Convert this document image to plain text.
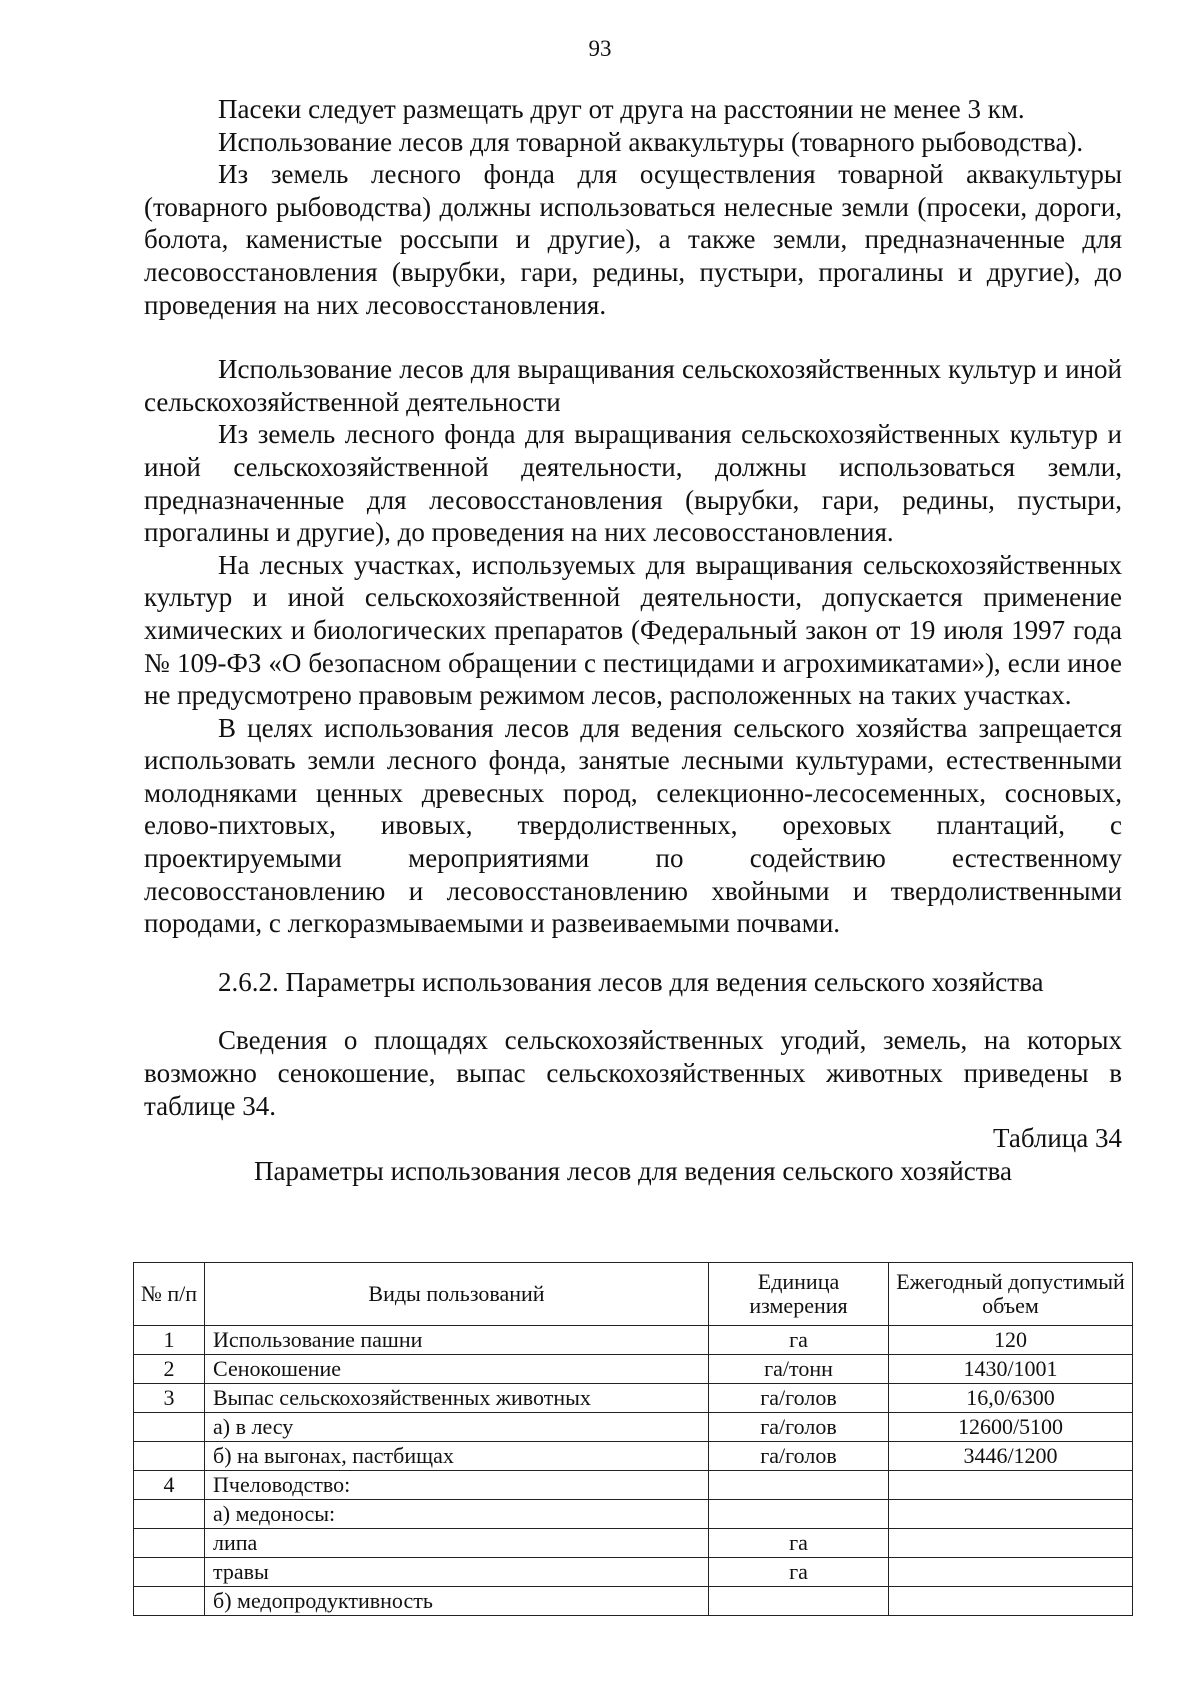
93

Пасеки следует размещать друг от друга на расстоянии не менее 3 км.

Использование лесов для товарной аквакультуры (товарного рыбоводства).

Из земель лесного фонда для осуществления товарной аквакультуры (товарного рыбоводства) должны использоваться нелесные земли (просеки, дороги, болота, каменистые россыпи и другие), а также земли, предназначенные для лесовосстановления (вырубки, гари, редины, пустыри, прогалины и другие), до проведения на них лесовосстановления.

Использование лесов для выращивания сельскохозяйственных культур и иной сельскохозяйственной деятельности

Из земель лесного фонда для выращивания сельскохозяйственных культур и иной сельскохозяйственной деятельности, должны использоваться земли, предназначенные для лесовосстановления (вырубки, гари, редины, пустыри, прогалины и другие), до проведения на них лесовосстановления.

На лесных участках, используемых для выращивания сельскохозяйственных культур и иной сельскохозяйственной деятельности, допускается применение химических и биологических препаратов (Федеральный закон от 19 июля 1997 года № 109-ФЗ «О безопасном обращении с пестицидами и агрохимикатами»), если иное не предусмотрено правовым режимом лесов, расположенных на таких участках.

В целях использования лесов для ведения сельского хозяйства запрещается использовать земли лесного фонда, занятые лесными культурами, естественными молодняками ценных древесных пород, селекционно-лесосеменных, сосновых, елово-пихтовых, ивовых, твердолиственных, ореховых плантаций, с проектируемыми мероприятиями по содействию естественному лесовосстановлению и лесовосстановлению хвойными и твердолиственными породами, с легкоразмываемыми и развеиваемыми почвами.

2.6.2. Параметры использования лесов для ведения сельского хозяйства

Сведения о площадях сельскохозяйственных угодий, земель, на которых возможно сенокошение, выпас сельскохозяйственных животных приведены в таблице 34.

Таблица 34

Параметры использования лесов для ведения сельского хозяйства

№ п/п	Виды пользований	Единица измерения	Ежегодный допустимый объем
1	Использование пашни	га	120
2	Сенокошение	га/тонн	1430/1001
3	Выпас сельскохозяйственных животных	га/голов	16,0/6300
	а) в лесу	га/голов	12600/5100
	б) на выгонах, пастбищах	га/голов	3446/1200
4	Пчеловодство:		
	а) медоносы:		
	липа	га	
	травы	га	
	б) медопродуктивность		
